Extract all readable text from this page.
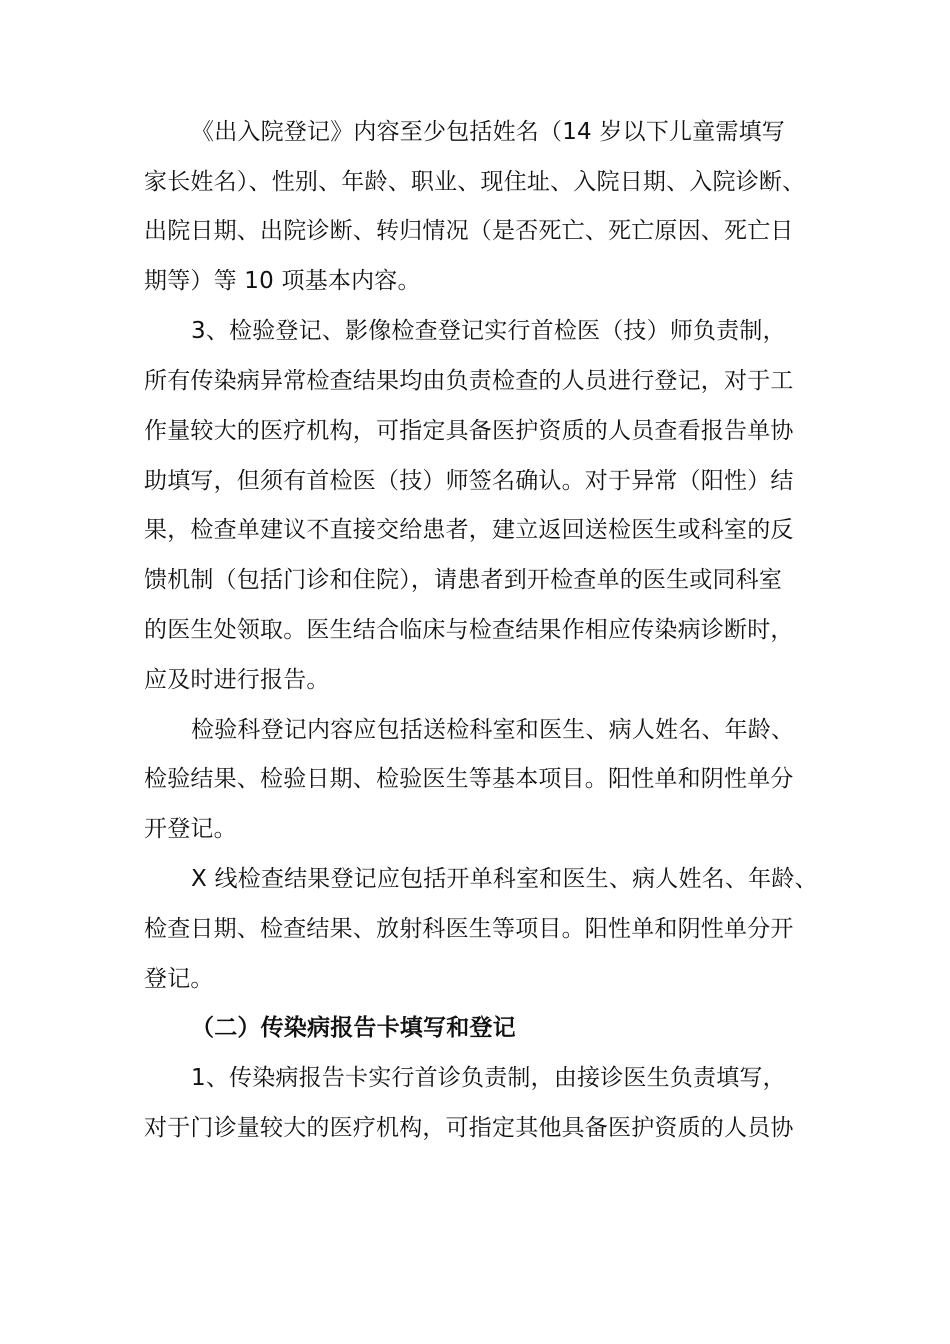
《出入院登记》内容至少包括姓名（14 岁以下儿童需填写
家长姓名）、性别、年龄、职业、现住址、入院日期、入院诊断、
出院日期、出院诊断、转归情况（是否死亡、死亡原因、死亡日
期等）等 10 项基本内容。
3、检验登记、影像检查登记实行首检医（技）师负责制，
所有传染病异常检查结果均由负责检查的人员进行登记，对于工
作量较大的医疗机构，可指定具备医护资质的人员查看报告单协
助填写，但须有首检医（技）师签名确认。对于异常（阳性）结
果，检查单建议不直接交给患者，建立返回送检医生或科室的反
馈机制（包括门诊和住院），请患者到开检查单的医生或同科室
的医生处领取。医生结合临床与检查结果作相应传染病诊断时，
应及时进行报告。
检验科登记内容应包括送检科室和医生、病人姓名、年龄、
检验结果、检验日期、检验医生等基本项目。阳性单和阴性单分
开登记。
X 线检查结果登记应包括开单科室和医生、病人姓名、年龄、
检查日期、检查结果、放射科医生等项目。阳性单和阴性单分开
登记。
（二）传染病报告卡填写和登记
1、传染病报告卡实行首诊负责制，由接诊医生负责填写，
对于门诊量较大的医疗机构，可指定其他具备医护资质的人员协
